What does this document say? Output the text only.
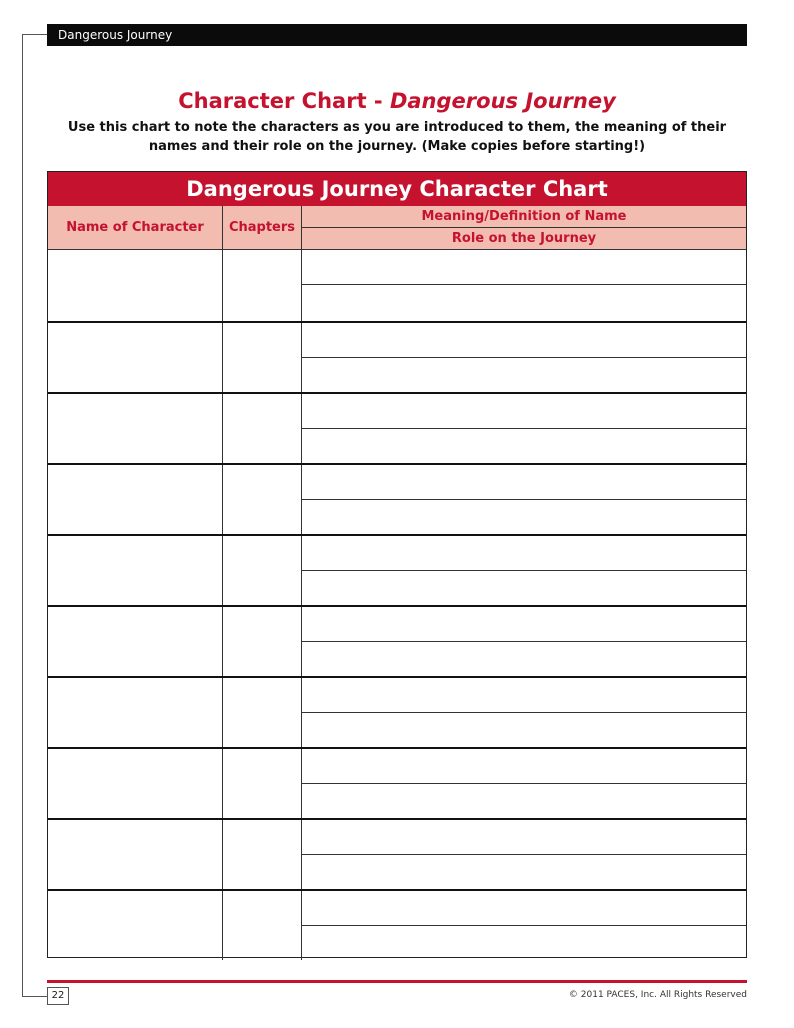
Dangerous Journey
Character Chart - Dangerous Journey
Use this chart to note the characters as you are introduced to them, the meaning of their names and their role on the journey. (Make copies before starting!)
Dangerous Journey Character Chart
Name of Character	Chapters
Meaning/Definition of Name
Role on the Journey
22	© 2011 PACES, Inc. All Rights Reserved
